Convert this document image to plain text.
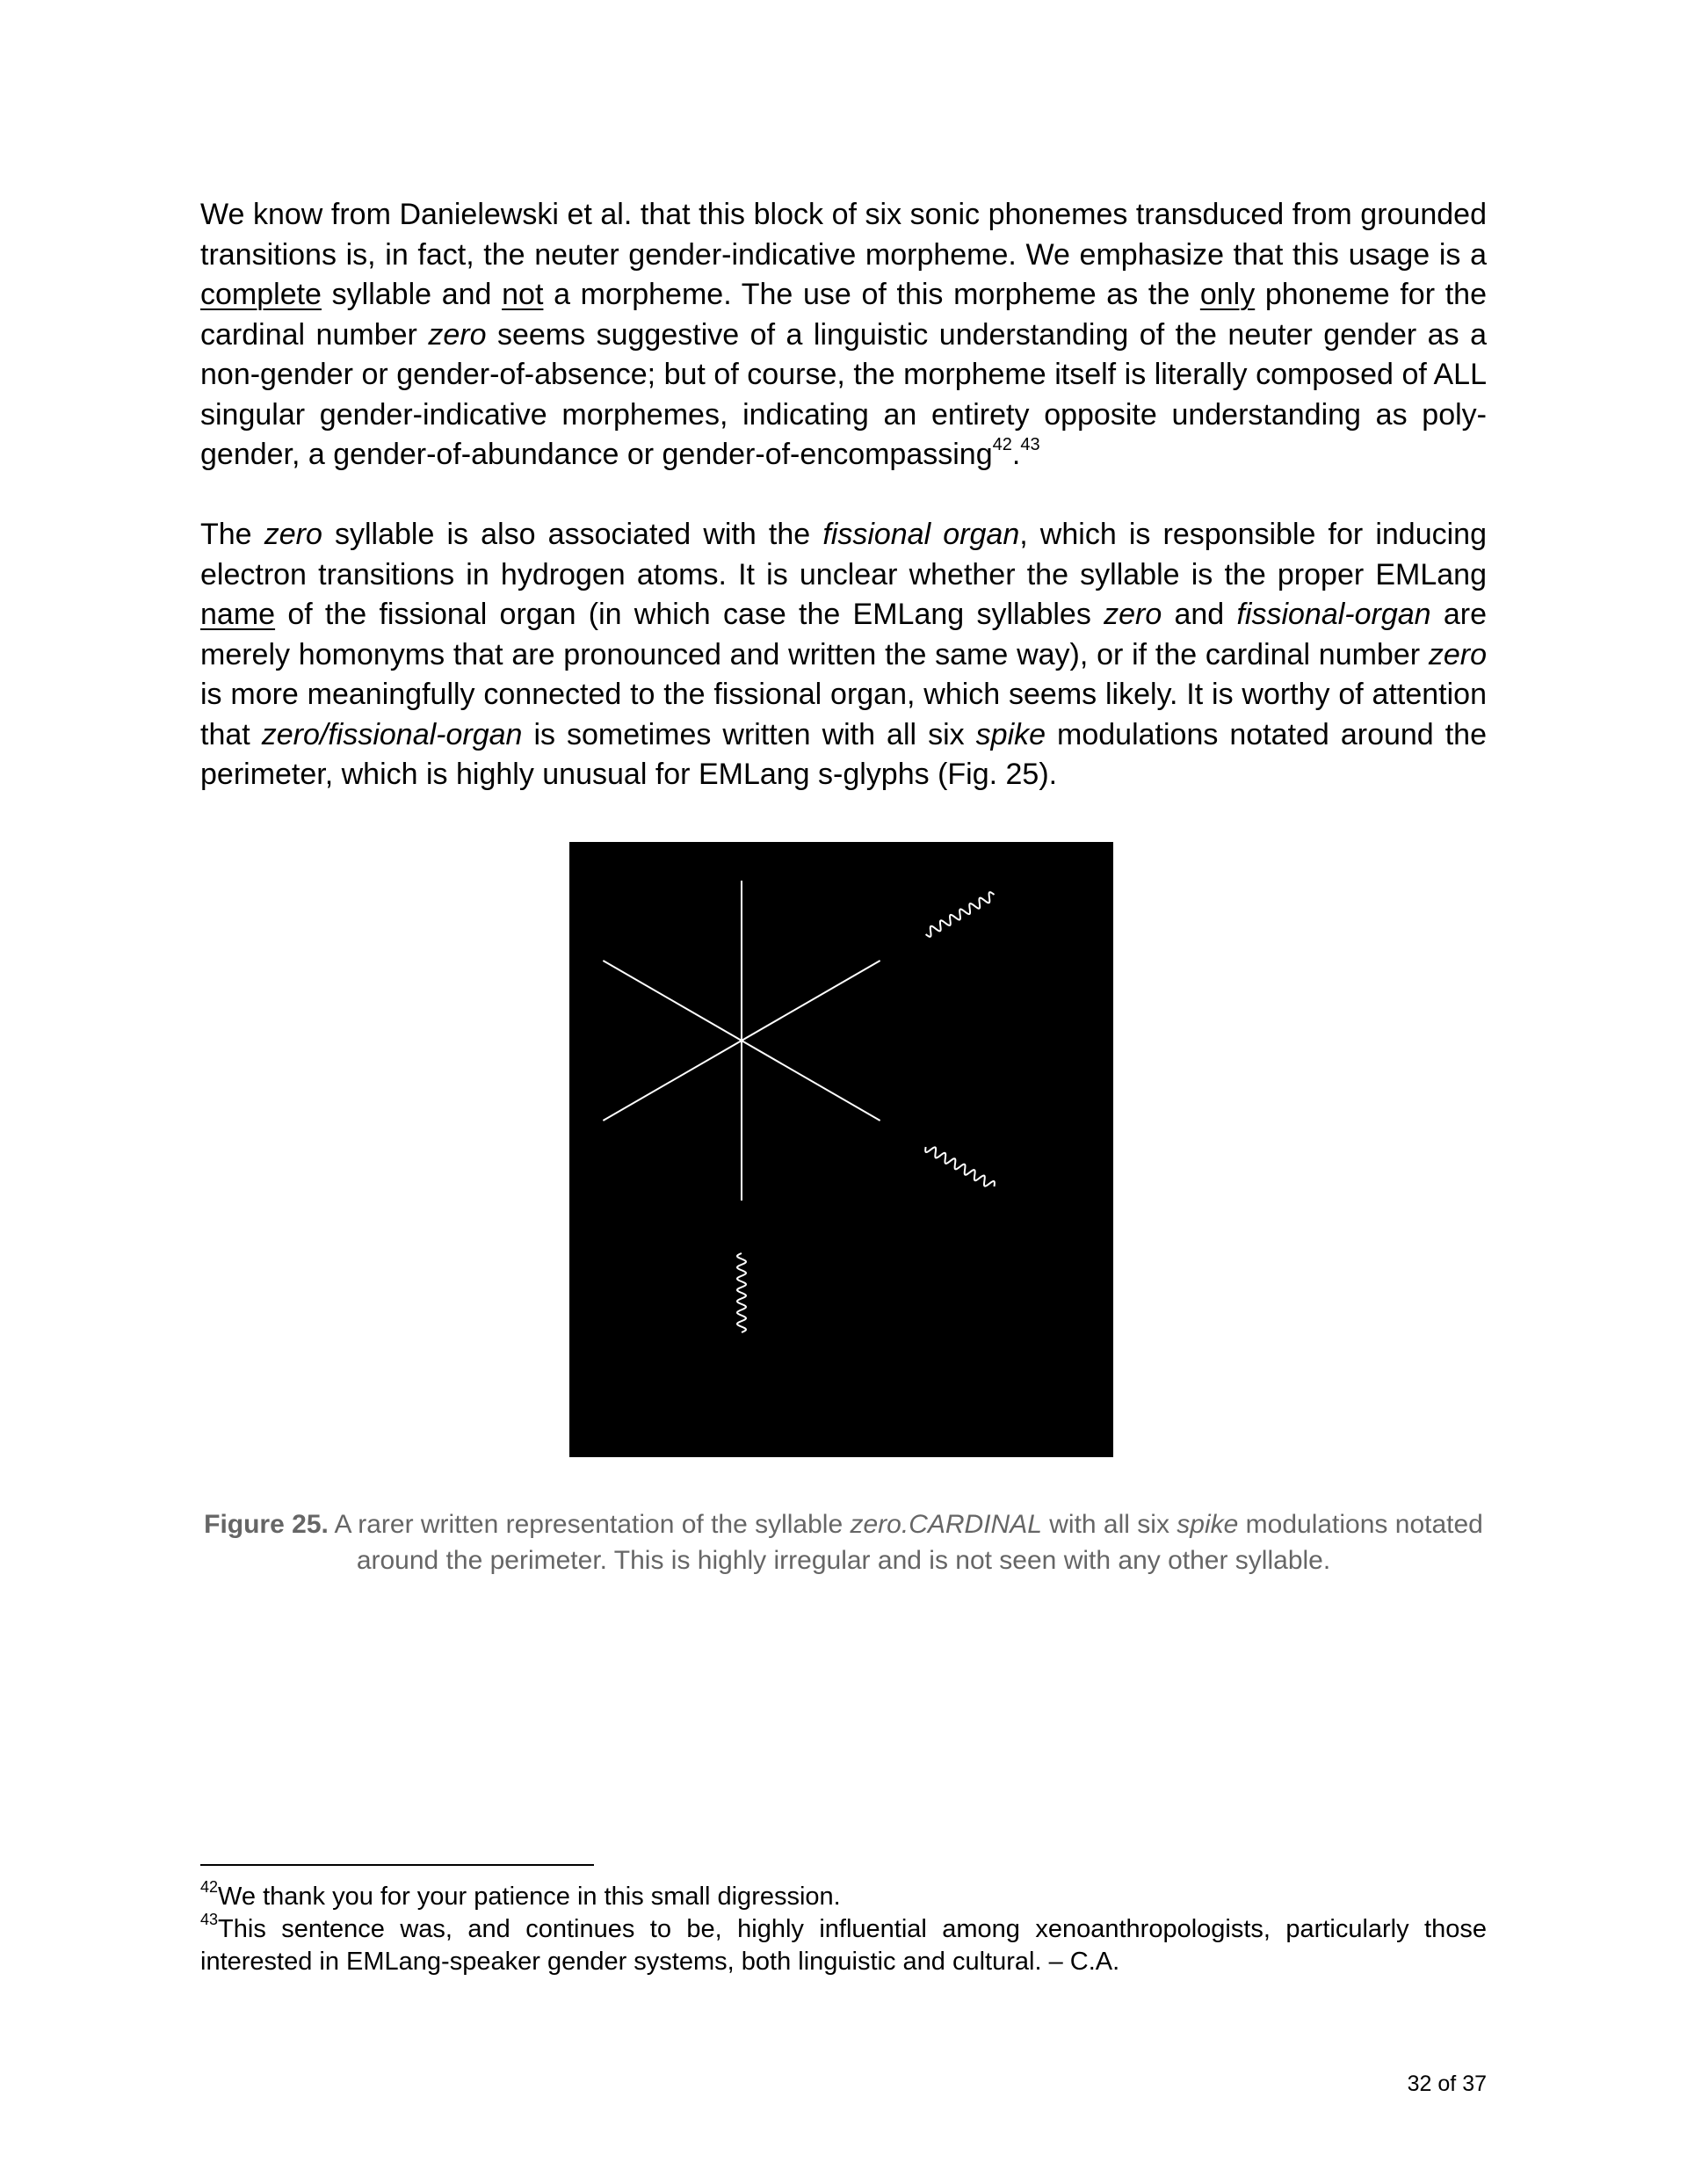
We know from Danielewski et al. that this block of six sonic phonemes transduced from grounded transitions is, in fact, the neuter gender-indicative morpheme. We emphasize that this usage is a complete syllable and not a morpheme. The use of this morpheme as the only phoneme for the cardinal number zero seems suggestive of a linguistic understanding of the neuter gender as a non-gender or gender-of-absence; but of course, the morpheme itself is literally composed of ALL singular gender-indicative morphemes, indicating an entirety opposite understanding as poly-gender, a gender-of-abundance or gender-of-encompassing$^{42}$.$^{43}$

The zero syllable is also associated with the fissional organ, which is responsible for inducing electron transitions in hydrogen atoms. It is unclear whether the syllable is the proper EMLang name of the fissional organ (in which case the EMLang syllables zero and fissional-organ are merely homonyms that are pronounced and written the same way), or if the cardinal number zero is more meaningfully connected to the fissional organ, which seems likely. It is worthy of attention that zero/fissional-organ is sometimes written with all six spike modulations notated around the perimeter, which is highly unusual for EMLang s-glyphs (Fig. 25).

Figure 25. A rarer written representation of the syllable zero.CARDINAL with all six spike modulations notated around the perimeter. This is highly irregular and is not seen with any other syllable.

$^{42}$We thank you for your patience in this small digression.

$^{43}$This sentence was, and continues to be, highly influential among xenoanthropologists, particularly those interested in EMLang-speaker gender systems, both linguistic and cultural. – C.A.

32 of 37
